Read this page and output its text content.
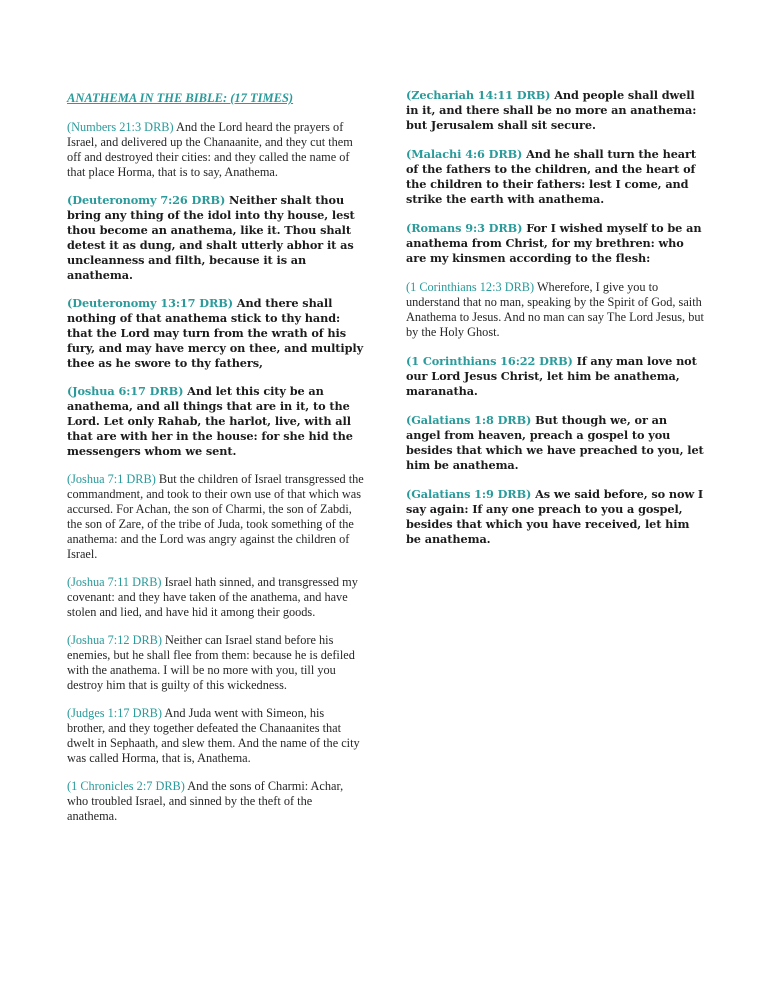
ANATHEMA IN THE BIBLE: (17 TIMES)

(Numbers 21:3 DRB) And the Lord heard the prayers of Israel, and delivered up the Chanaanite, and they cut them off and destroyed their cities: and they called the name of that place Horma, that is to say, Anathema.

(Deuteronomy 7:26 DRB) Neither shalt thou bring any thing of the idol into thy house, lest thou become an anathema, like it. Thou shalt detest it as dung, and shalt utterly abhor it as uncleanness and filth, because it is an anathema.

(Deuteronomy 13:17 DRB) And there shall nothing of that anathema stick to thy hand: that the Lord may turn from the wrath of his fury, and may have mercy on thee, and multiply thee as he swore to thy fathers,

(Joshua 6:17 DRB) And let this city be an anathema, and all things that are in it, to the Lord. Let only Rahab, the harlot, live, with all that are with her in the house: for she hid the messengers whom we sent.

(Joshua 7:1 DRB) But the children of Israel transgressed the commandment, and took to their own use of that which was accursed. For Achan, the son of Charmi, the son of Zabdi, the son of Zare, of the tribe of Juda, took something of the anathema: and the Lord was angry against the children of Israel.

(Joshua 7:11 DRB) Israel hath sinned, and transgressed my covenant: and they have taken of the anathema, and have stolen and lied, and have hid it among their goods.

(Joshua 7:12 DRB) Neither can Israel stand before his enemies, but he shall flee from them: because he is defiled with the anathema. I will be no more with you, till you destroy him that is guilty of this wickedness.

(Judges 1:17 DRB) And Juda went with Simeon, his brother, and they together defeated the Chanaanites that dwelt in Sephaath, and slew them. And the name of the city was called Horma, that is, Anathema.

(1 Chronicles 2:7 DRB) And the sons of Charmi: Achar, who troubled Israel, and sinned by the theft of the anathema.

(Zechariah 14:11 DRB) And people shall dwell in it, and there shall be no more an anathema: but Jerusalem shall sit secure.

(Malachi 4:6 DRB) And he shall turn the heart of the fathers to the children, and the heart of the children to their fathers: lest I come, and strike the earth with anathema.

(Romans 9:3 DRB) For I wished myself to be an anathema from Christ, for my brethren: who are my kinsmen according to the flesh:

(1 Corinthians 12:3 DRB) Wherefore, I give you to understand that no man, speaking by the Spirit of God, saith Anathema to Jesus. And no man can say The Lord Jesus, but by the Holy Ghost.

(1 Corinthians 16:22 DRB) If any man love not our Lord Jesus Christ, let him be anathema, maranatha.

(Galatians 1:8 DRB) But though we, or an angel from heaven, preach a gospel to you besides that which we have preached to you, let him be anathema.

(Galatians 1:9 DRB) As we said before, so now I say again: If any one preach to you a gospel, besides that which you have received, let him be anathema.
